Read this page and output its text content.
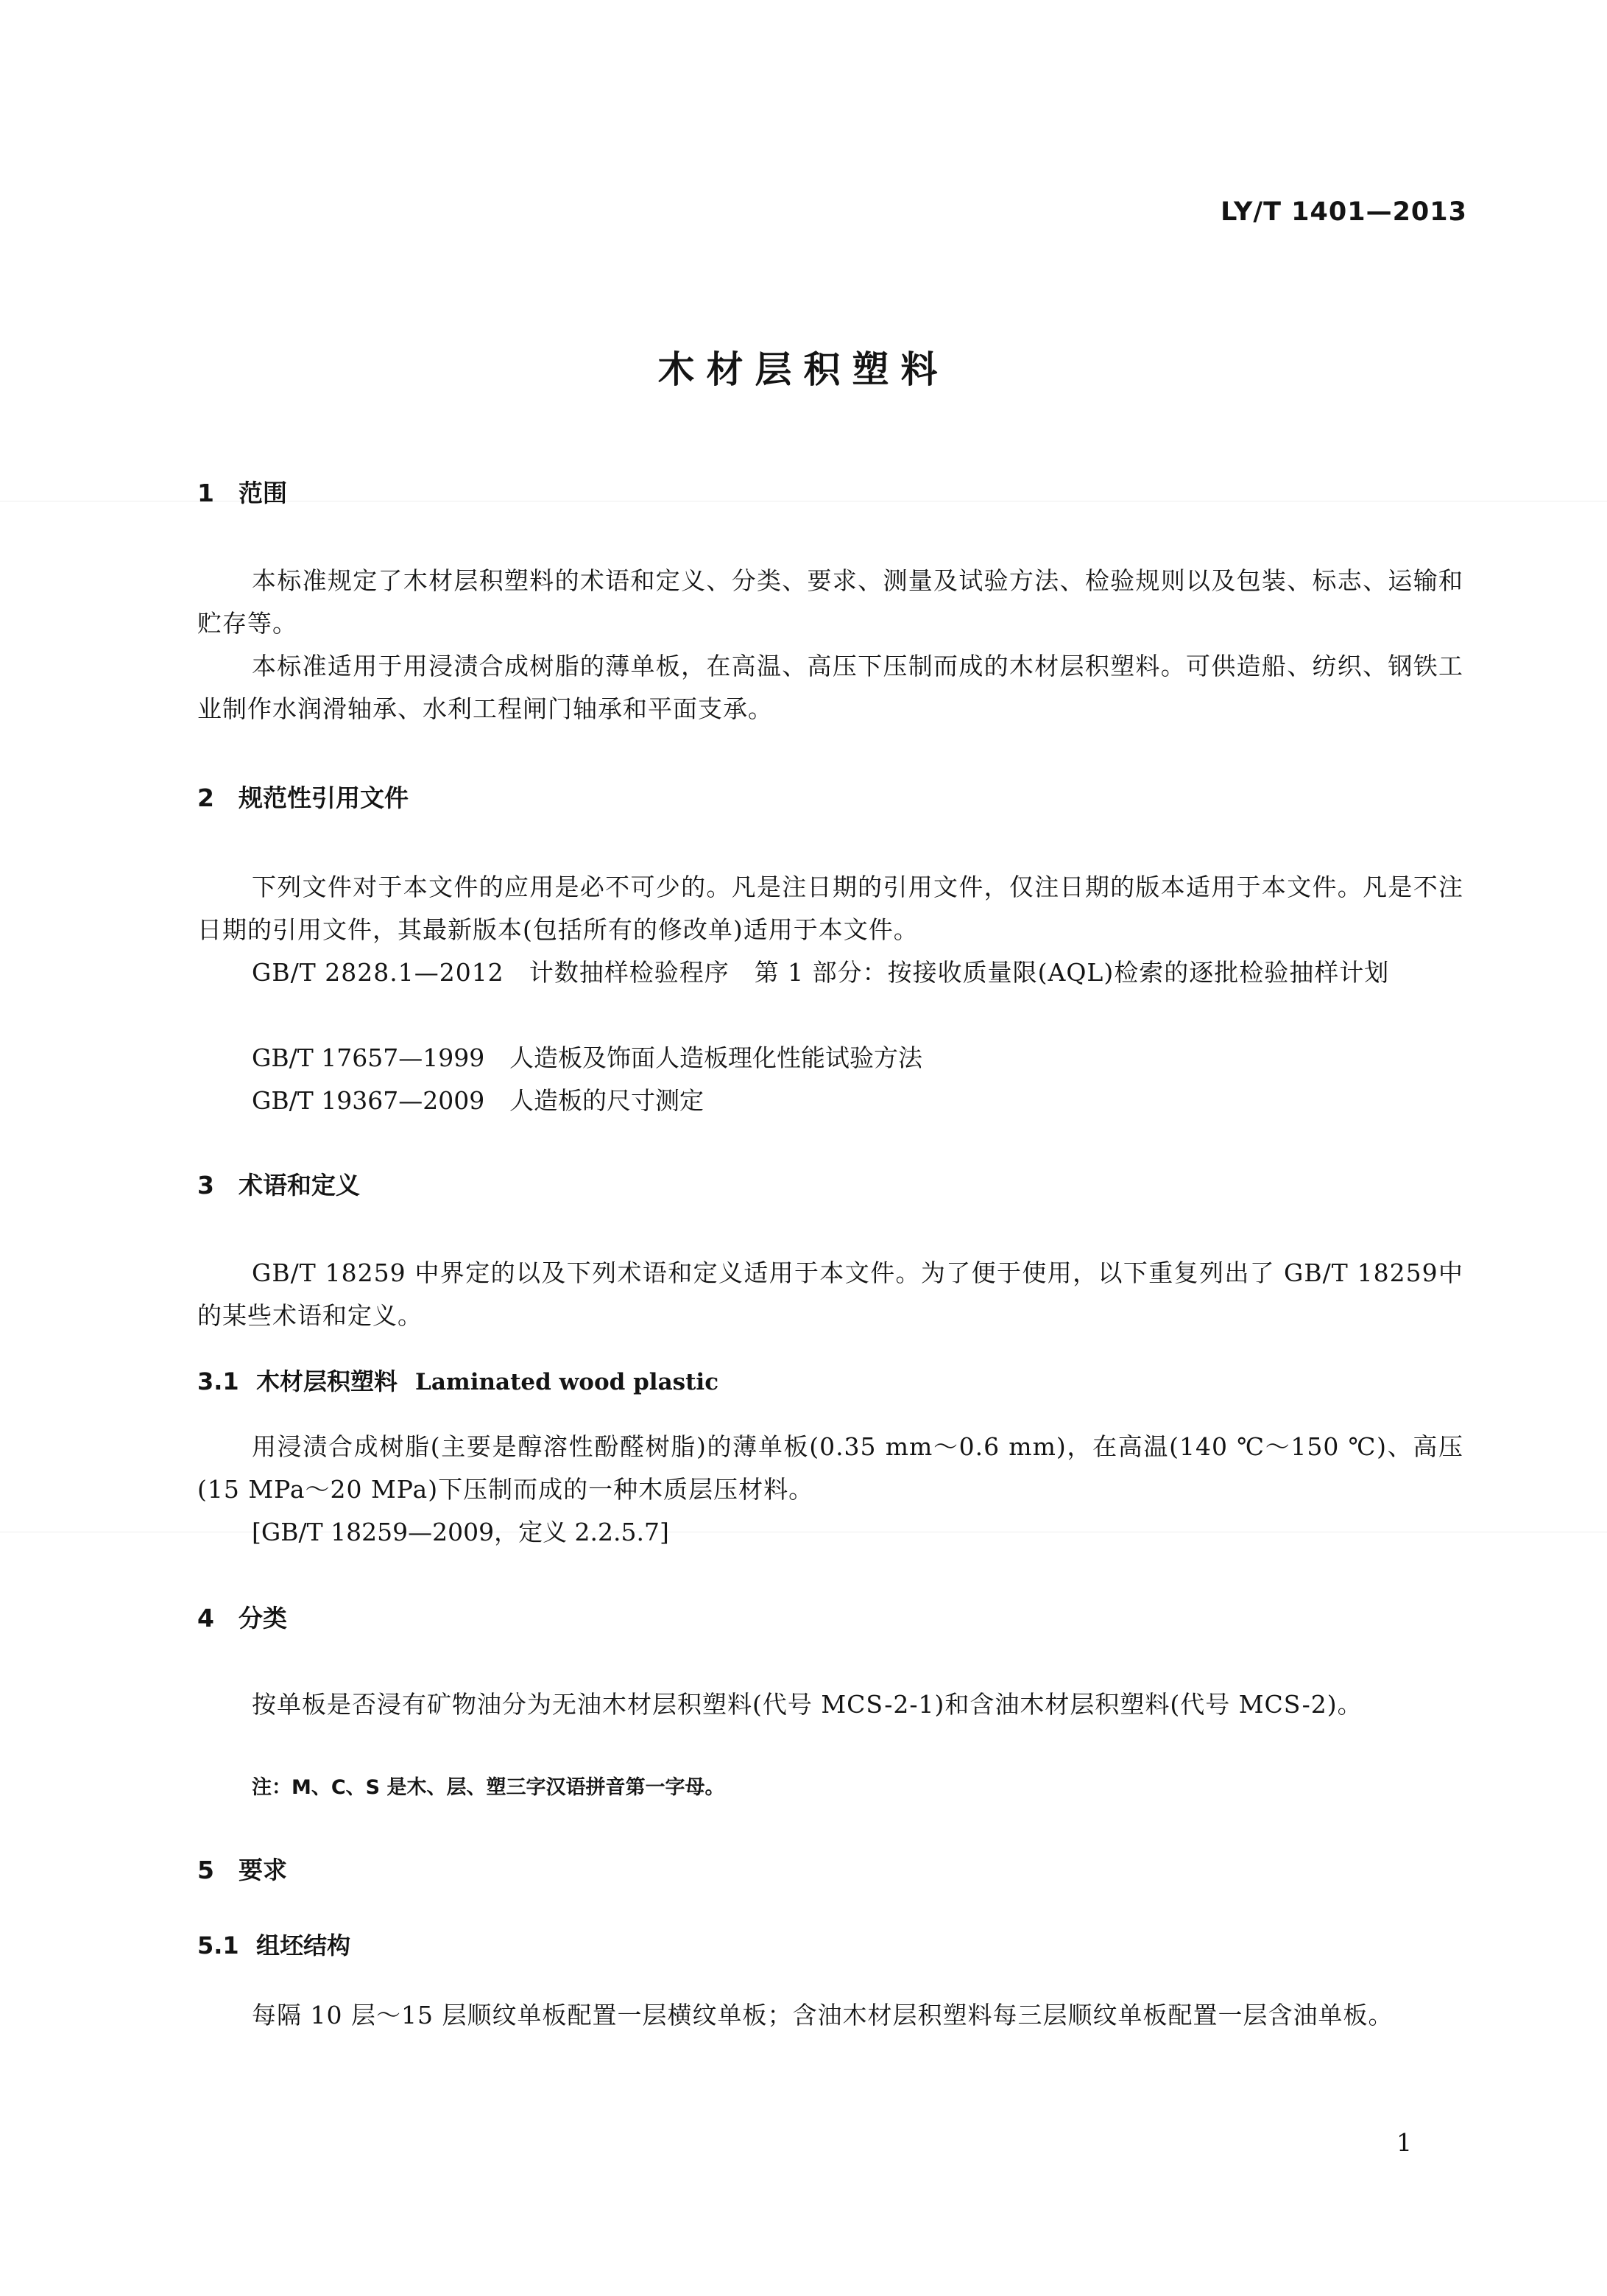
LY/T 1401—2013
木材层积塑料
1 范围
本标准规定了木材层积塑料的术语和定义、分类、要求、测量及试验方法、检验规则以及包装、标志、运输和贮存等。
本标准适用于用浸渍合成树脂的薄单板，在高温、高压下压制而成的木材层积塑料。可供造船、纺织、钢铁工业制作水润滑轴承、水利工程闸门轴承和平面支承。
2 规范性引用文件
下列文件对于本文件的应用是必不可少的。凡是注日期的引用文件，仅注日期的版本适用于本文件。凡是不注日期的引用文件，其最新版本(包括所有的修改单)适用于本文件。
GB/T 2828.1—2012　 计数抽样检验程序　第 1 部分：按接收质量限(AQL)检索的逐批检验抽样计划
GB/T 17657—1999 人造板及饰面人造板理化性能试验方法
GB/T 19367—2009 人造板的尺寸测定
3 术语和定义
GB/T 18259 中界定的以及下列术语和定义适用于本文件。为了便于使用，以下重复列出了 GB/T 18259中的某些术语和定义。
3.1 木材层积塑料 Laminated wood plastic
用浸渍合成树脂(主要是醇溶性酚醛树脂)的薄单板(0.35 mm～0.6 mm)，在高温(140 ℃～150 ℃)、高压(15 MPa～20 MPa)下压制而成的一种木质层压材料。
[GB/T 18259—2009，定义 2.2.5.7]
4 分类
按单板是否浸有矿物油分为无油木材层积塑料(代号 MCS-2-1)和含油木材层积塑料(代号 MCS-2)。
注：M、C、S 是木、层、塑三字汉语拼音第一字母。
5 要求
5.1 组坯结构
每隔 10 层～15 层顺纹单板配置一层横纹单板；含油木材层积塑料每三层顺纹单板配置一层含油单板。
1
